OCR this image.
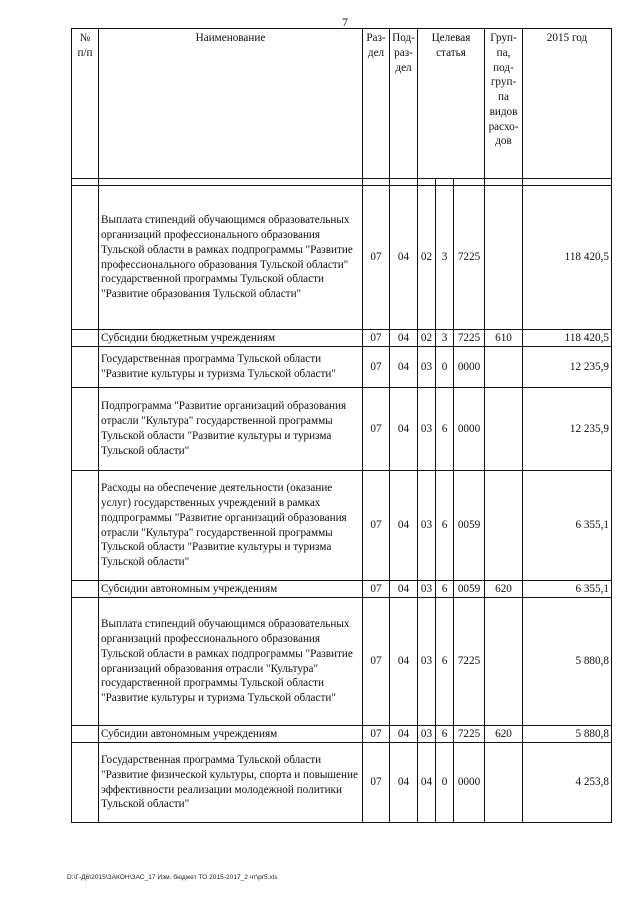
7
№ п/п	Наименование	Раз- дел	Под- раз- дел	Целевая статья			Груп- па, под- груп- па видов расхо- дов	2015 год

	Выплата стипендий обучающимся образовательных организаций профессионального образования Тульской области в рамках подпрограммы "Развитие профессионального образования Тульской области" государственной программы Тульской области "Развитие образования Тульской области"	07	04	02	3	7225		118 420,5
	Субсидии бюджетным учреждениям	07	04	02	3	7225	610	118 420,5
	Государственная программа Тульской области "Развитие культуры и туризма Тульской области"	07	04	03	0	0000		12 235,9
	Подпрограмма "Развитие организаций образования отрасли "Культура" государственной программы Тульской области "Развитие культуры и туризма Тульской области"	07	04	03	6	0000		12 235,9
	Расходы на обеспечение деятельности (оказание услуг) государственных учреждений в рамках подпрограммы "Развитие организаций образования отрасли "Культура" государственной программы Тульской области "Развитие культуры и туризма Тульской области"	07	04	03	6	0059		6 355,1
	Субсидии автономным учреждениям	07	04	03	6	0059	620	6 355,1
	Выплата стипендий обучающимся образовательных организаций профессионального образования Тульской области в рамках подпрограммы "Развитие организаций образования отрасли "Культура" государственной программы Тульской области "Развитие культуры и туризма Тульской области"	07	04	03	6	7225		5 880,8
	Субсидии автономным учреждениям	07	04	03	6	7225	620	5 880,8
	Государственная программа Тульской области "Развитие физической культуры, спорта и повышение эффективности реализации молодежной политики Тульской области"	07	04	04	0	0000		4 253,8
D:\Г-Д6\2015\ЗАКОН\ЗАС_17 Изм. бюджет ТО 2015-2017_2 чт\pr5.xls
